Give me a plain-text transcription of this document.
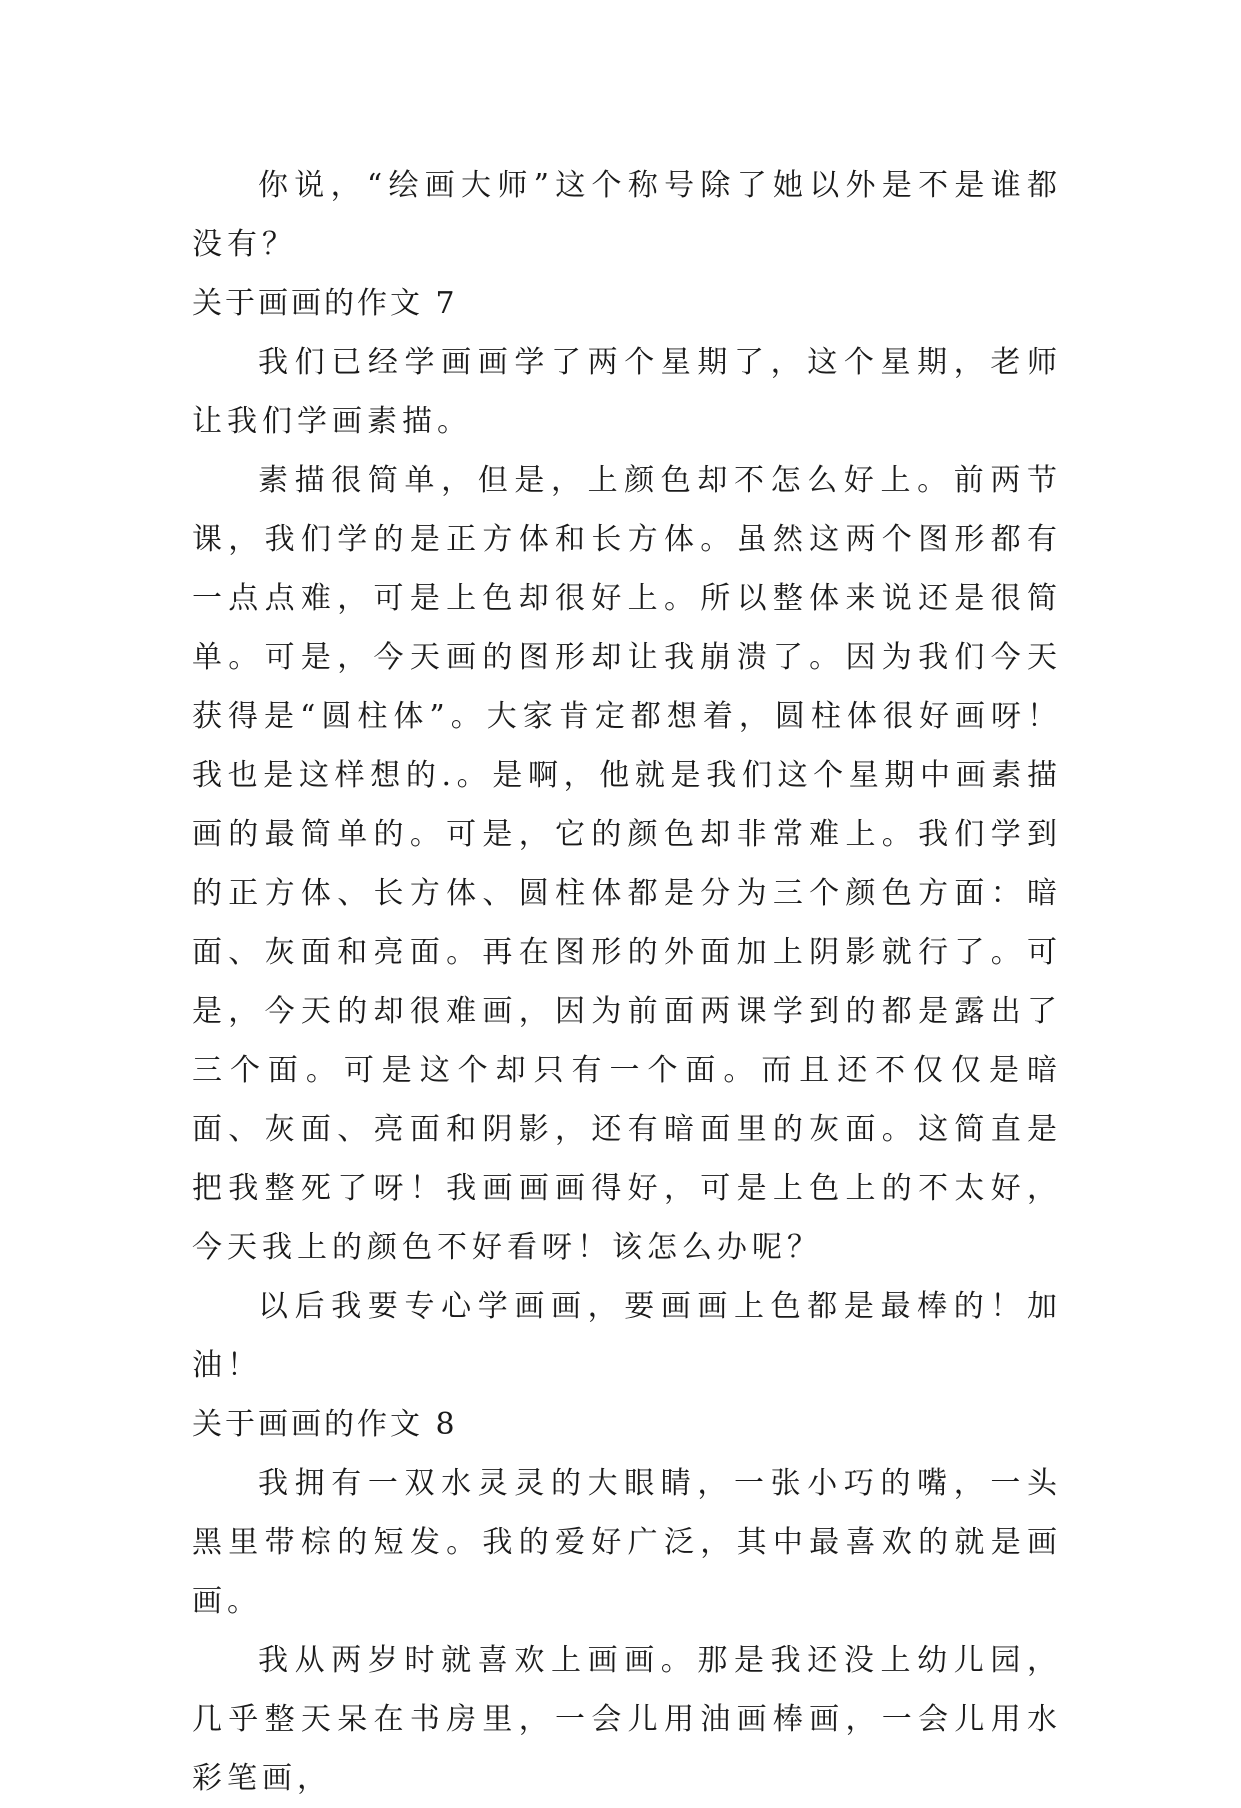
你说，“绘画大师”这个称号除了她以外是不是谁都没有？

关于画画的作文 7

我们已经学画画学了两个星期了，这个星期，老师让我们学画素描。

素描很简单，但是，上颜色却不怎么好上。前两节课，我们学的是正方体和长方体。虽然这两个图形都有一点点难，可是上色却很好上。所以整体来说还是很简单。可是，今天画的图形却让我崩溃了。因为我们今天获得是“圆柱体”。大家肯定都想着，圆柱体很好画呀！我也是这样想的.。是啊，他就是我们这个星期中画素描画的最简单的。可是，它的颜色却非常难上。我们学到的正方体、长方体、圆柱体都是分为三个颜色方面：暗面、灰面和亮面。再在图形的外面加上阴影就行了。可是，今天的却很难画，因为前面两课学到的都是露出了三个面。可是这个却只有一个面。而且还不仅仅是暗面、灰面、亮面和阴影，还有暗面里的灰面。这简直是把我整死了呀！我画画画得好，可是上色上的不太好，今天我上的颜色不好看呀！该怎么办呢？

以后我要专心学画画，要画画上色都是最棒的！加油！

关于画画的作文 8

我拥有一双水灵灵的大眼睛，一张小巧的嘴，一头黑里带棕的短发。我的爱好广泛，其中最喜欢的就是画画。

我从两岁时就喜欢上画画。那是我还没上幼儿园，几乎整天呆在书房里，一会儿用油画棒画，一会儿用水彩笔画，
